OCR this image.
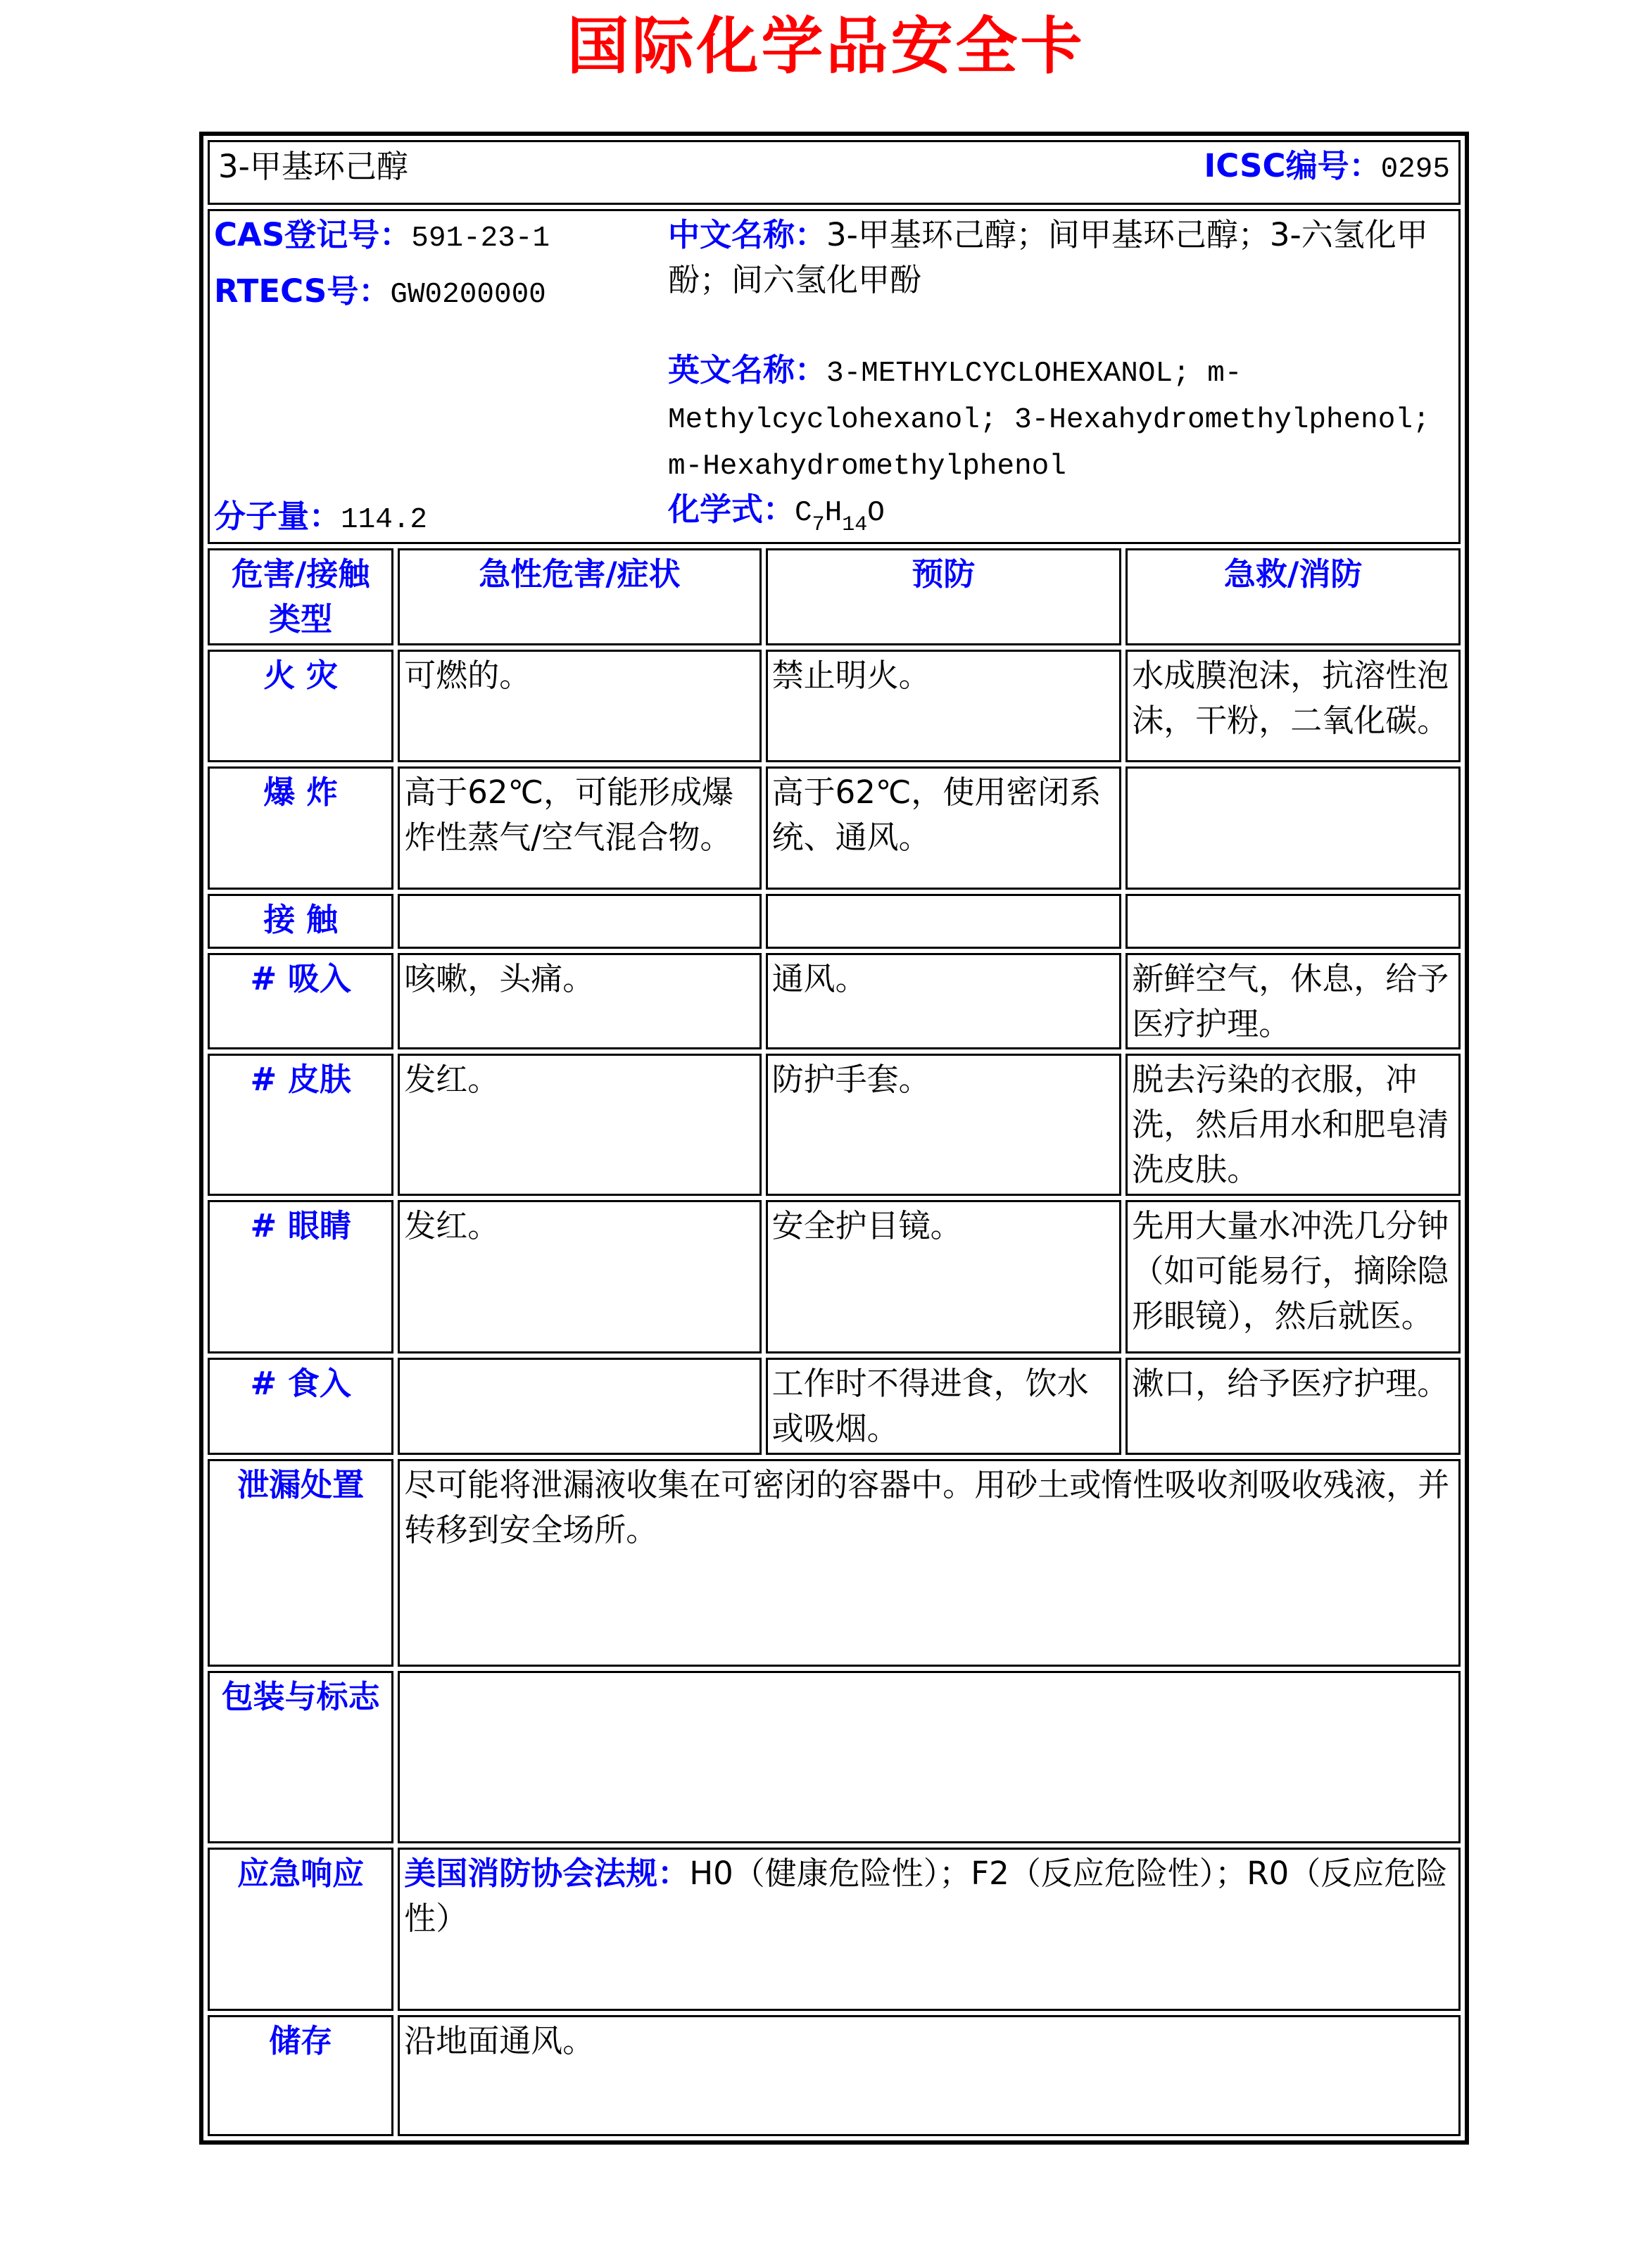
国际化学品安全卡
3-甲基环己醇 ICSC编号：0295			

CAS登记号：591-23-1
RTECS号：GW0200000
分子量：114.2
中文名称：3-甲基环己醇；间甲基环己醇；3-六氢化甲酚；间六氢化甲酚
英文名称：3-METHYLCYCLOHEXANOL; m-Methylcyclohexanol; 3-Hexahydromethylphenol; m-Hexahydromethylphenol
化学式：$C_7H_{14}O$

危害/接触
类型	急性危害/症状	预防	急救/消防
火 灾	可燃的。	禁止明火。	水成膜泡沫，抗溶性泡沫，干粉，二氧化碳。
爆 炸	高于62℃，可能形成爆炸性蒸气/空气混合物。	高于62℃，使用密闭系统、通风。	
接 触			
# 吸入	咳嗽，头痛。	通风。	新鲜空气，休息，给予医疗护理。
# 皮肤	发红。	防护手套。	脱去污染的衣服，冲洗，然后用水和肥皂清洗皮肤。
# 眼睛	发红。	安全护目镜。	先用大量水冲洗几分钟（如可能易行，摘除隐形眼镜），然后就医。
# 食入		工作时不得进食，饮水或吸烟。	漱口，给予医疗护理。
泄漏处置	尽可能将泄漏液收集在可密闭的容器中。用砂土或惰性吸收剂吸收残液，并转移到安全场所。		
包装与标志			
应急响应	美国消防协会法规：H0（健康危险性）；F2（反应危险性）；R0（反应危险性）		
储存	沿地面通风。		
